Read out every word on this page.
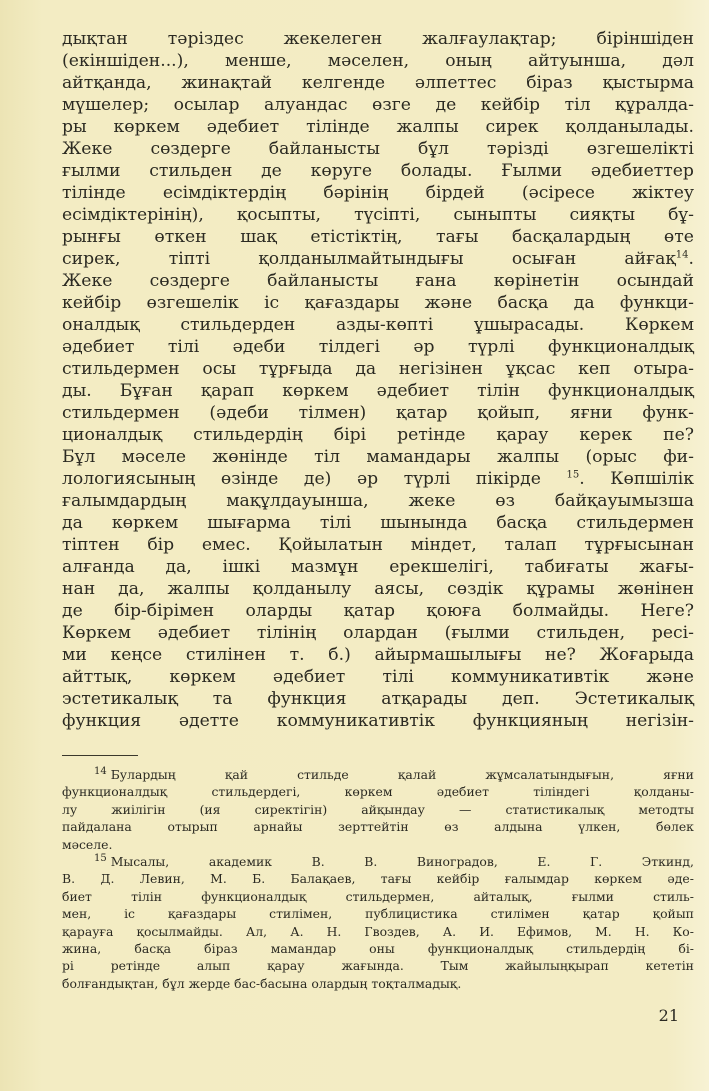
дықтан тәріздес жекелеген жалғаулақтар; біріншіден
(екіншіден...), менше, мәселен, оның айтуынша, дәл
айтқанда, жинақтай келгенде әлпеттес біраз қыстырма
мүшелер; осылар алуандас өзге де кейбір тіл құралда-
ры көркем әдебиет тілінде жалпы сирек қолданылады.
Жеке сөздерге байланысты бұл тәрізді өзгешелікті
ғылми стильден де көруге болады. Ғылми әдебиеттер
тілінде есімдіктердің бәрінің бірдей (әсіресе жіктеу
есімдіктерінің), қосыпты, түсіпті, сыныпты сияқты бұ-
рынғы өткен шақ етістіктің, тағы басқалардың өте
сирек,	тіпті	қолданылмайтындығы	осыған	айғақ$^{14}$.
Жеке сөздерге байланысты ғана көрінетін осындай
кейбір өзгешелік іс қағаздары және басқа да функци-
оналдық стильдерден азды-көпті ұшырасады. Көркем
әдебиет тілі әдеби тілдегі әр түрлі функционалдық
стильдермен осы тұрғыда да негізінен ұқсас кеп отыра-
ды. Бұған қарап көркем әдебиет тілін функционалдық
стильдермен (әдеби тілмен) қатар қойып, яғни функ-
ционалдық стильдердің бірі ретінде қарау керек пе?
Бұл мәселе жөнінде тіл мамандары жалпы (орыс фи-
лологиясының өзінде де) әр түрлі пікірде	$^{15}$. Көпшілік
ғалымдардың мақұлдауынша, жеке өз байқауымызша
да көркем шығарма тілі шынында басқа стильдермен
тіптен бір емес. Қойылатын міндет, талап тұрғысынан
алғанда да, ішкі мазмұн ерекшелігі, табиғаты жағы-
нан да, жалпы қолданылу аясы, сөздік құрамы жөнінен
де бір-бірімен оларды қатар қоюға болмайды. Неге?
Көркем әдебиет тілінің олардан (ғылми стильден, ресі-
ми кеңсе стилінен т. б.) айырмашылығы не? Жоғарыда
айттық, көркем әдебиет тілі коммуникативтік және
эстетикалық та функция атқарады деп. Эстетикалық
функция әдетте коммуникативтік функцияның негізін-
$^{14}$ Булардың	қай	стильде	қалай	жұмсалатындығын,	яғни
функционалдық	стильдердегі,	көркем	әдебиет	тіліндегі	қолданы-
лу	жиілігін	(ия	сиректігін)	айқындау	—	статистикалық	методты
пайдалана	отырып	арнайы	зерттейтін	өз	алдына	үлкен,	бөлек
мәселе.
$^{15}$ Мысалы,	академик	В.	В.	Виноградов,	Е.	Г.	Эткинд,
В. Д. Левин, М. Б. Балақаев, тағы кейбір ғалымдар көркем әде-
биет	тілін	функционалдық	стильдермен,	айталық,	ғылми	стиль-
мен,	іс	қағаздары	стилімен,	публицистика	стилімен	қатар	қойып
қарауға қосылмайды. Ал, А. Н. Гвоздев, А. И. Ефимов, М. Н. Ко-
жина,	басқа	біраз	мамандар	оны	функционалдық	стильдердің	бі-
рі	ретінде	алып	қарау	жағында.	Тым	жайылыңқырап	кететін
болғандықтан, бұл жерде бас-басына олардың тоқталмадық.
21
